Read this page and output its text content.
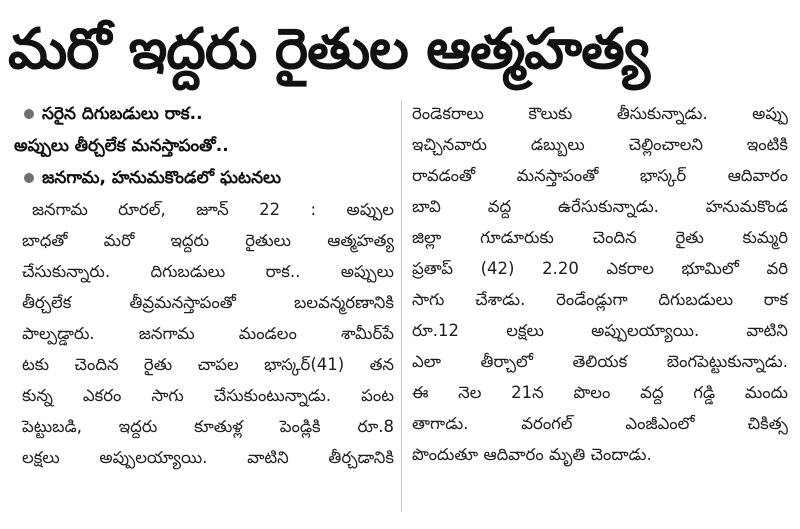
మరో ఇద్దరు రైతుల ఆత్మహత్య
సరైన దిగుబడులు రాక..
అప్పులు తీర్చలేక మనస్తాపంతో..
జనగామ, హనుమకొండలో ఘటనలు
జనగామ రూరల్‌, జూన్‌ 22 : అప్పుల
బాధతో మరో ఇద్దరు రైతులు ఆత్మహత్య
చేసుకున్నారు. దిగుబడులు రాక.. అప్పులు
తీర్చలేక తీవ్రమనస్తాపంతో బలవన్మరణానికి
పాల్పడ్డారు. జనగామ మండలం శామీర్‌పే
టకు చెందిన రైతు చాపల భాస్కర్‌(41) తన
కున్న ఎకరం సాగు చేసుకుంటున్నాడు. పంట
పెట్టుబడి, ఇద్దరు కూతుళ్ల పెండ్లికి రూ.8
లక్షలు అప్పులయ్యాయి. వాటిని తీర్చడానికి
రెండెకరాలు కౌలుకు తీసుకున్నాడు. అప్పు
ఇచ్చినవారు డబ్బులు చెల్లించాలని ఇంటికి
రావడంతో మనస్తాపంతో భాస్కర్‌ ఆదివారం
బావి వద్ద ఉరేసుకున్నాడు. హనుమకొండ
జిల్లా గూడూరుకు చెందిన రైతు కుమ్మరి
ప్రతాప్‌ (42) 2.20 ఎకరాల భూమిలో వరి
సాగు చేశాడు. రెండేండ్లుగా దిగుబడులు రాక
రూ.12 లక్షలు అప్పులయ్యాయి. వాటిని
ఎలా తీర్చాలో తెలియక బెంగపెట్టుకున్నాడు.
ఈ నెల 21న పొలం వద్ద గడ్డి మందు
తాగాడు. వరంగల్‌ ఎంజీఎంలో చికిత్స
పొందుతూ ఆదివారం మృతి చెందాడు.
